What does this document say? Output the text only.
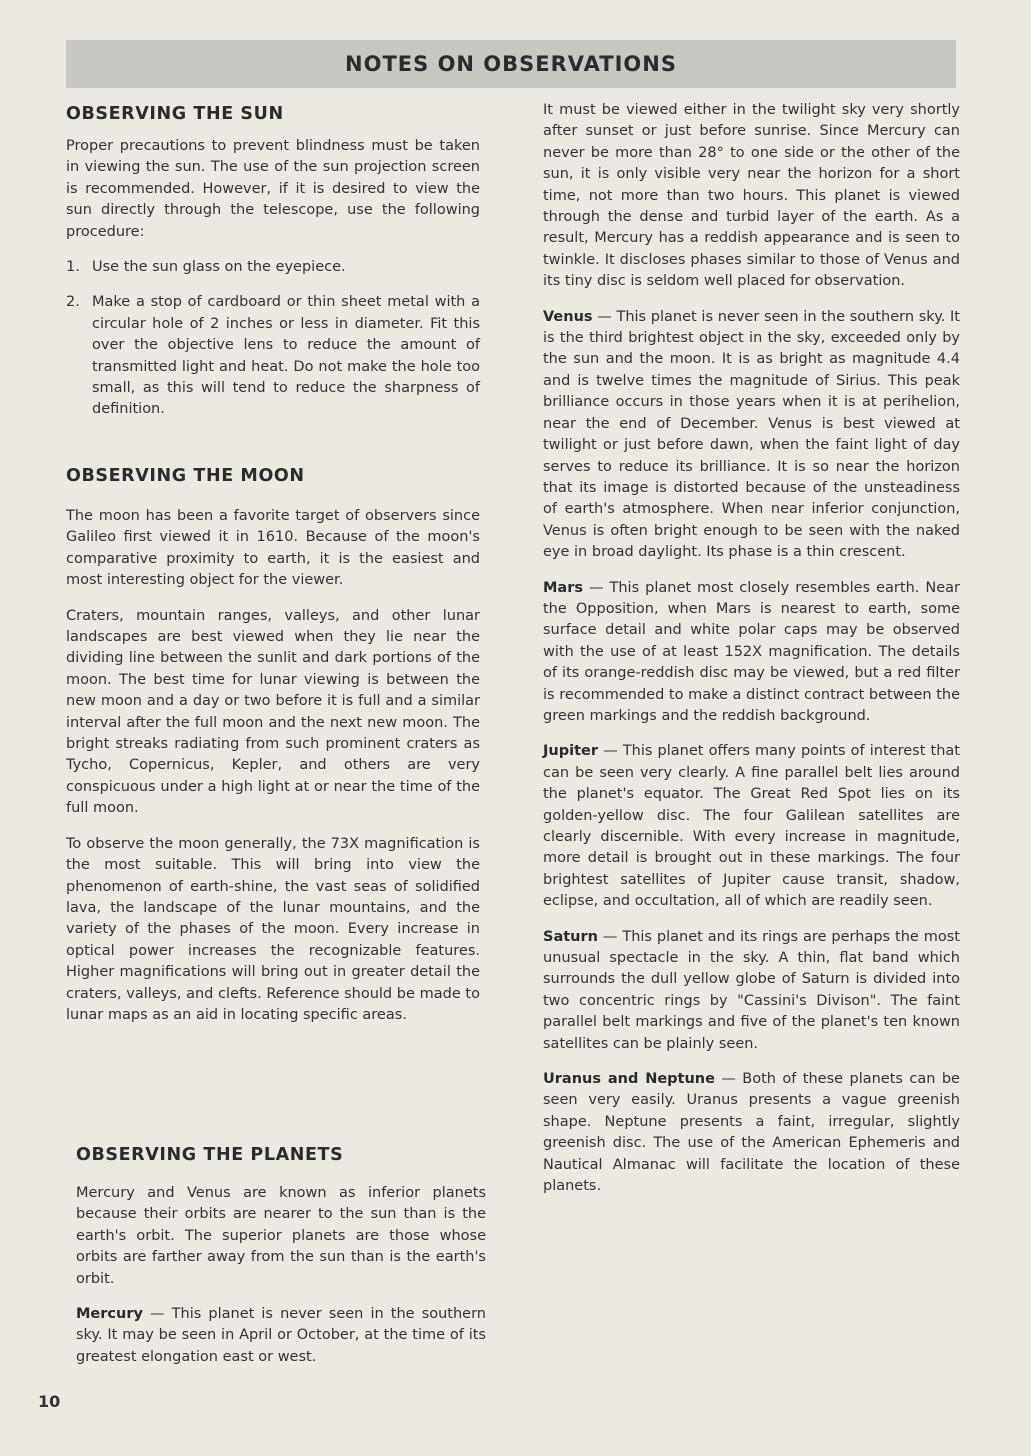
NOTES ON OBSERVATIONS
OBSERVING THE SUN

Proper precautions to prevent blindness must be taken in viewing the sun. The use of the sun projection screen is recommended. However, if it is desired to view the sun directly through the telescope, use the following procedure:

1. Use the sun glass on the eyepiece.
2. Make a stop of cardboard or thin sheet metal with a circular hole of 2 inches or less in diameter. Fit this over the objective lens to reduce the amount of transmitted light and heat. Do not make the hole too small, as this will tend to reduce the sharpness of definition.
OBSERVING THE MOON

The moon has been a favorite target of observers since Galileo first viewed it in 1610. Because of the moon's comparative proximity to earth, it is the easiest and most interesting object for the viewer.

Craters, mountain ranges, valleys, and other lunar landscapes are best viewed when they lie near the dividing line between the sunlit and dark portions of the moon. The best time for lunar viewing is between the new moon and a day or two before it is full and a similar interval after the full moon and the next new moon. The bright streaks radiating from such prominent craters as Tycho, Copernicus, Kepler, and others are very conspicuous under a high light at or near the time of the full moon.

To observe the moon generally, the 73X magnification is the most suitable. This will bring into view the phenomenon of earth-shine, the vast seas of solidified lava, the landscape of the lunar mountains, and the variety of the phases of the moon. Every increase in optical power increases the recognizable features. Higher magnifications will bring out in greater detail the craters, valleys, and clefts. Reference should be made to lunar maps as an aid in locating specific areas.

OBSERVING THE PLANETS

Mercury and Venus are known as inferior planets because their orbits are nearer to the sun than is the earth's orbit. The superior planets are those whose orbits are farther away from the sun than is the earth's orbit.

Mercury — This planet is never seen in the southern sky. It may be seen in April or October, at the time of its greatest elongation east or west.

It must be viewed either in the twilight sky very shortly after sunset or just before sunrise. Since Mercury can never be more than 28° to one side or the other of the sun, it is only visible very near the horizon for a short time, not more than two hours. This planet is viewed through the dense and turbid layer of the earth. As a result, Mercury has a reddish appearance and is seen to twinkle. It discloses phases similar to those of Venus and its tiny disc is seldom well placed for observation.

Venus — This planet is never seen in the southern sky. It is the third brightest object in the sky, exceeded only by the sun and the moon. It is as bright as magnitude 4.4 and is twelve times the magnitude of Sirius. This peak brilliance occurs in those years when it is at perihelion, near the end of December. Venus is best viewed at twilight or just before dawn, when the faint light of day serves to reduce its brilliance. It is so near the horizon that its image is distorted because of the unsteadiness of earth's atmosphere. When near inferior conjunction, Venus is often bright enough to be seen with the naked eye in broad daylight. Its phase is a thin crescent.

Mars — This planet most closely resembles earth. Near the Opposition, when Mars is nearest to earth, some surface detail and white polar caps may be observed with the use of at least 152X magnification. The details of its orange-reddish disc may be viewed, but a red filter is recommended to make a distinct contract between the green markings and the reddish background.

Jupiter — This planet offers many points of interest that can be seen very clearly. A fine parallel belt lies around the planet's equator. The Great Red Spot lies on its golden-yellow disc. The four Galilean satellites are clearly discernible. With every increase in magnitude, more detail is brought out in these markings. The four brightest satellites of Jupiter cause transit, shadow, eclipse, and occultation, all of which are readily seen.

Saturn — This planet and its rings are perhaps the most unusual spectacle in the sky. A thin, flat band which surrounds the dull yellow globe of Saturn is divided into two concentric rings by "Cassini's Divison". The faint parallel belt markings and five of the planet's ten known satellites can be plainly seen.

Uranus and Neptune — Both of these planets can be seen very easily. Uranus presents a vague greenish shape. Neptune presents a faint, irregular, slightly greenish disc. The use of the American Ephemeris and Nautical Almanac will facilitate the location of these planets.

10
